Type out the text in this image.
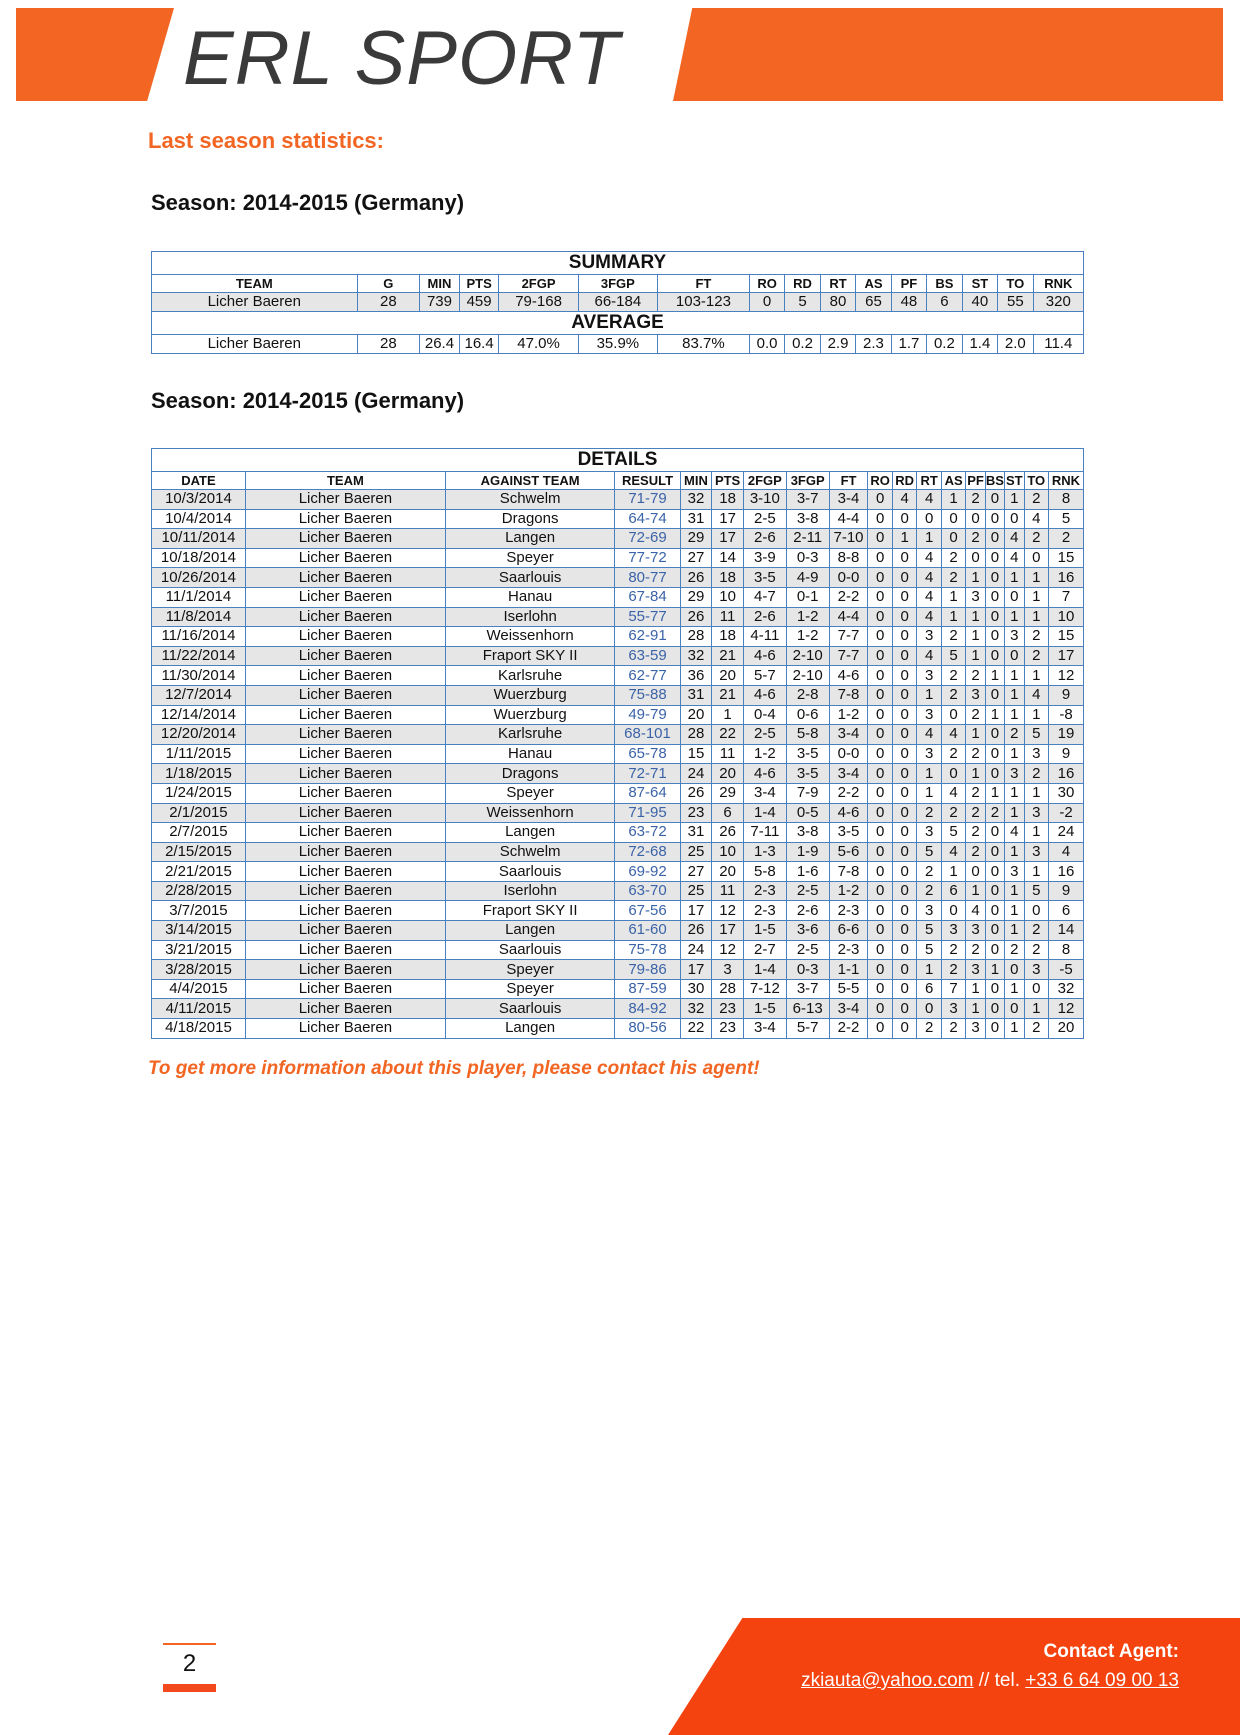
ERL SPORT
Last season statistics:
Season: 2014-2015 (Germany)
SUMMARY															
TEAM	G	MIN	PTS	2FGP	3FGP	FT	RO	RD	RT	AS	PF	BS	ST	TO	RNK
Licher Baeren	28	739	459	79-168	66-184	103-123	0	5	80	65	48	6	40	55	320
AVERAGE															
Licher Baeren	28	26.4	16.4	47.0%	35.9%	83.7%	0.0	0.2	2.9	2.3	1.7	0.2	1.4	2.0	11.4
Season: 2014-2015 (Germany)
DETAILS																	
DATE	TEAM	AGAINST TEAM	RESULT	MIN	PTS	2FGP	3FGP	FT	RO	RD	RT	AS	PF	BS	ST	TO	RNK
10/3/2014	Licher Baeren	Schwelm	71-79	32	18	3-10	3-7	3-4	0	4	4	1	2	0	1	2	8
10/4/2014	Licher Baeren	Dragons	64-74	31	17	2-5	3-8	4-4	0	0	0	0	0	0	0	4	5
10/11/2014	Licher Baeren	Langen	72-69	29	17	2-6	2-11	7-10	0	1	1	0	2	0	4	2	2
10/18/2014	Licher Baeren	Speyer	77-72	27	14	3-9	0-3	8-8	0	0	4	2	0	0	4	0	15
10/26/2014	Licher Baeren	Saarlouis	80-77	26	18	3-5	4-9	0-0	0	0	4	2	1	0	1	1	16
11/1/2014	Licher Baeren	Hanau	67-84	29	10	4-7	0-1	2-2	0	0	4	1	3	0	0	1	7
11/8/2014	Licher Baeren	Iserlohn	55-77	26	11	2-6	1-2	4-4	0	0	4	1	1	0	1	1	10
11/16/2014	Licher Baeren	Weissenhorn	62-91	28	18	4-11	1-2	7-7	0	0	3	2	1	0	3	2	15
11/22/2014	Licher Baeren	Fraport SKY II	63-59	32	21	4-6	2-10	7-7	0	0	4	5	1	0	0	2	17
11/30/2014	Licher Baeren	Karlsruhe	62-77	36	20	5-7	2-10	4-6	0	0	3	2	2	1	1	1	12
12/7/2014	Licher Baeren	Wuerzburg	75-88	31	21	4-6	2-8	7-8	0	0	1	2	3	0	1	4	9
12/14/2014	Licher Baeren	Wuerzburg	49-79	20	1	0-4	0-6	1-2	0	0	3	0	2	1	1	1	-8
12/20/2014	Licher Baeren	Karlsruhe	68-101	28	22	2-5	5-8	3-4	0	0	4	4	1	0	2	5	19
1/11/2015	Licher Baeren	Hanau	65-78	15	11	1-2	3-5	0-0	0	0	3	2	2	0	1	3	9
1/18/2015	Licher Baeren	Dragons	72-71	24	20	4-6	3-5	3-4	0	0	1	0	1	0	3	2	16
1/24/2015	Licher Baeren	Speyer	87-64	26	29	3-4	7-9	2-2	0	0	1	4	2	1	1	1	30
2/1/2015	Licher Baeren	Weissenhorn	71-95	23	6	1-4	0-5	4-6	0	0	2	2	2	2	1	3	-2
2/7/2015	Licher Baeren	Langen	63-72	31	26	7-11	3-8	3-5	0	0	3	5	2	0	4	1	24
2/15/2015	Licher Baeren	Schwelm	72-68	25	10	1-3	1-9	5-6	0	0	5	4	2	0	1	3	4
2/21/2015	Licher Baeren	Saarlouis	69-92	27	20	5-8	1-6	7-8	0	0	2	1	0	0	3	1	16
2/28/2015	Licher Baeren	Iserlohn	63-70	25	11	2-3	2-5	1-2	0	0	2	6	1	0	1	5	9
3/7/2015	Licher Baeren	Fraport SKY II	67-56	17	12	2-3	2-6	2-3	0	0	3	0	4	0	1	0	6
3/14/2015	Licher Baeren	Langen	61-60	26	17	1-5	3-6	6-6	0	0	5	3	3	0	1	2	14
3/21/2015	Licher Baeren	Saarlouis	75-78	24	12	2-7	2-5	2-3	0	0	5	2	2	0	2	2	8
3/28/2015	Licher Baeren	Speyer	79-86	17	3	1-4	0-3	1-1	0	0	1	2	3	1	0	3	-5
4/4/2015	Licher Baeren	Speyer	87-59	30	28	7-12	3-7	5-5	0	0	6	7	1	0	1	0	32
4/11/2015	Licher Baeren	Saarlouis	84-92	32	23	1-5	6-13	3-4	0	0	0	3	1	0	0	1	12
4/18/2015	Licher Baeren	Langen	80-56	22	23	3-4	5-7	2-2	0	0	2	2	3	0	1	2	20
To get more information about this player, please contact his agent!
2	Contact Agent:
zkiauta@yahoo.com // tel. +33 6 64 09 00 13
